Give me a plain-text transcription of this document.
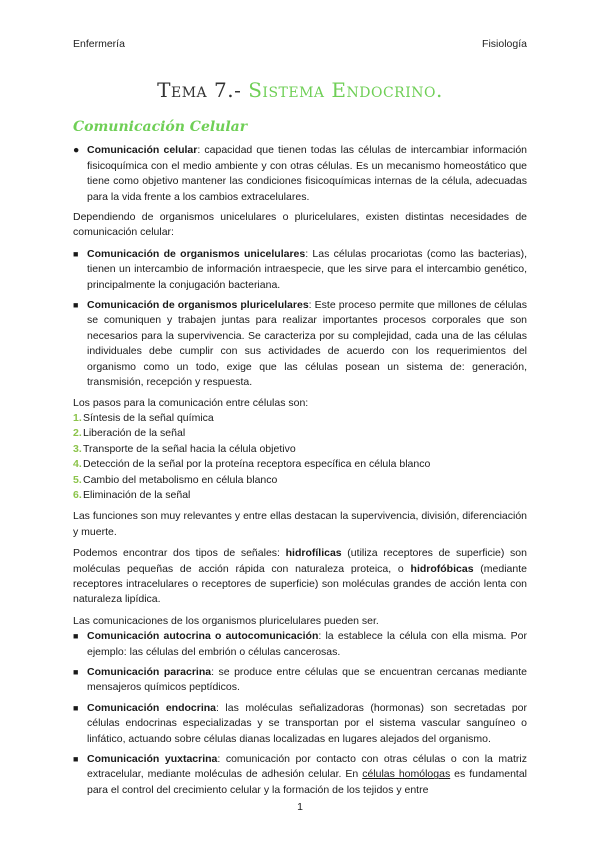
Enfermería	Fisiología
Tema 7.- Sistema Endocrino.
Comunicación Celular
● Comunicación celular: capacidad que tienen todas las células de intercambiar información fisicoquímica con el medio ambiente y con otras células. Es un mecanismo homeostático que tiene como objetivo mantener las condiciones fisicoquímicas internas de la célula, adecuadas para la vida frente a los cambios extracelulares.

Dependiendo de organismos unicelulares o pluricelulares, existen distintas necesidades de comunicación celular:

■ Comunicación de organismos unicelulares: Las células procariotas (como las bacterias), tienen un intercambio de información intraespecie, que les sirve para el intercambio genético, principalmente la conjugación bacteriana.
■ Comunicación de organismos pluricelulares: Este proceso permite que millones de células se comuniquen y trabajen juntas para realizar importantes procesos corporales que son necesarios para la supervivencia. Se caracteriza por su complejidad, cada una de las células individuales debe cumplir con sus actividades de acuerdo con los requerimientos del organismo como un todo, exige que las células posean un sistema de: generación, transmisión, recepción y respuesta.

Los pasos para la comunicación entre células son:

1. Síntesis de la señal química
2. Liberación de la señal
3. Transporte de la señal hacia la célula objetivo
4. Detección de la señal por la proteína receptora específica en célula blanco
5. Cambio del metabolismo en célula blanco
6. Eliminación de la señal

Las funciones son muy relevantes y entre ellas destacan la supervivencia, división, diferenciación y muerte.

Podemos encontrar dos tipos de señales: hidrofílicas (utiliza receptores de superficie) son moléculas pequeñas de acción rápida con naturaleza proteica, o hidrofóbicas (mediante receptores intracelulares o receptores de superficie) son moléculas grandes de acción lenta con naturaleza lipídica.

Las comunicaciones de los organismos pluricelulares pueden ser.

■ Comunicación autocrina o autocomunicación: la establece la célula con ella misma. Por ejemplo: las células del embrión o células cancerosas.
■ Comunicación paracrina: se produce entre células que se encuentran cercanas mediante mensajeros químicos peptídicos.
■ Comunicación endocrina: las moléculas señalizadoras (hormonas) son secretadas por células endocrinas especializadas y se transportan por el sistema vascular sanguíneo o linfático, actuando sobre células dianas localizadas en lugares alejados del organismo.
■ Comunicación yuxtacrina: comunicación por contacto con otras células o con la matriz extracelular, mediante moléculas de adhesión celular. En células homólogas es fundamental para el control del crecimiento celular y la formación de los tejidos y entre
1
